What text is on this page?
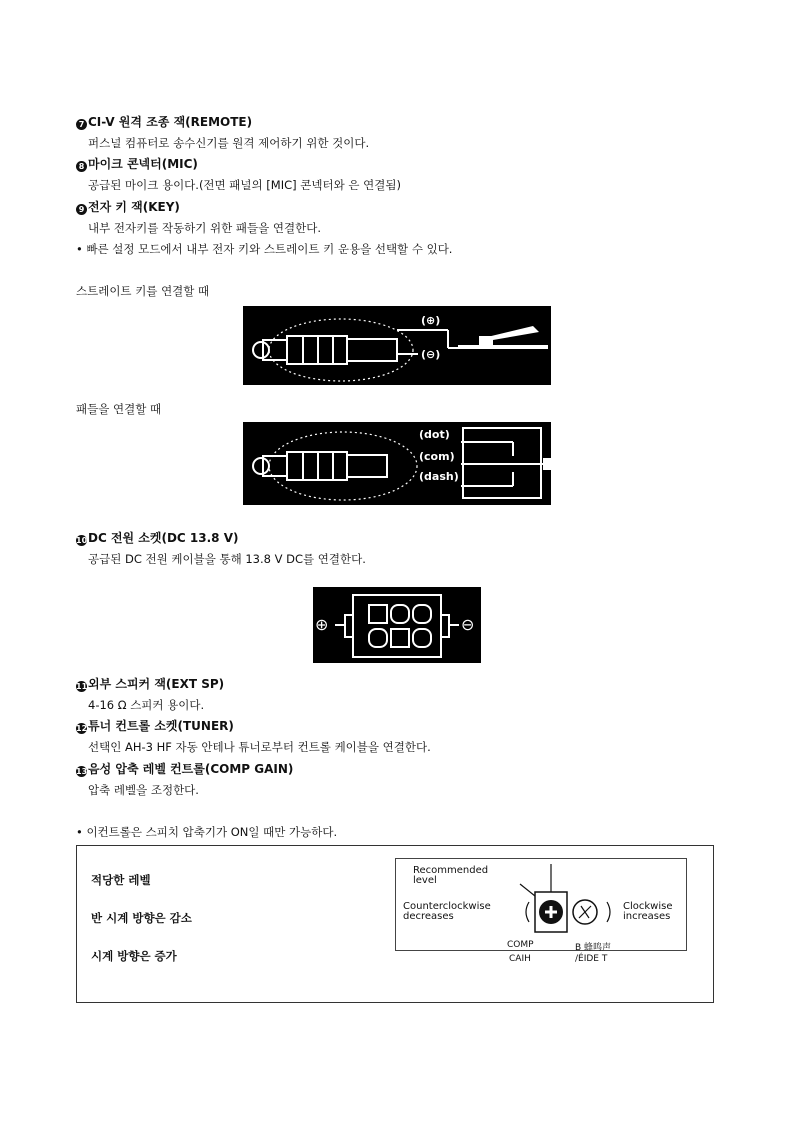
7 CI-V 원격 조종 잭(REMOTE)
퍼스널 컴퓨터로 송수신기를 원격 제어하기 위한 것이다.
8 마이크 콘넥터(MIC)
공급된 마이크 용이다.(전면 패널의 [MIC] 콘넥터와 은 연결됨)
9 전자 키 잭(KEY)
내부 전자키를 작동하기 위한 패들을 연결한다.
• 빠른 설정 모드에서 내부 전자 키와 스트레이트 키 운용을 선택할 수 있다.
스트레이트 키를 연결할 때
(⊕)
(⊖)
패들을 연결할 때
(dot)
(com)
(dash)
10DC 전원 소켓(DC 13.8 V)
공급된 DC 전원 케이블을 통해 13.8 V DC를 연결한다.
⊕	⊖
11외부 스피커 잭(EXT SP)
4-16 Ω 스피커 용이다.
12튜너 컨트롤 소켓(TUNER)
선택인 AH-3 HF 자동 안테나 튜너로부터 컨트롤 케이블을 연결한다.
13음성 압축 레벨 컨트롤(COMP GAIN)
압축 레벨을 조정한다.
• 이컨트롤은 스피치 압축기가 ON일 때만 가능하다.
적당한 레벨
반 시계 방향은 감소
시계 방향은 증가
Recommended
level
Counterclockwise
decreases
Clockwise
increases
COMP
CAIH
B 蜂鸣声
/ÉIDE T
